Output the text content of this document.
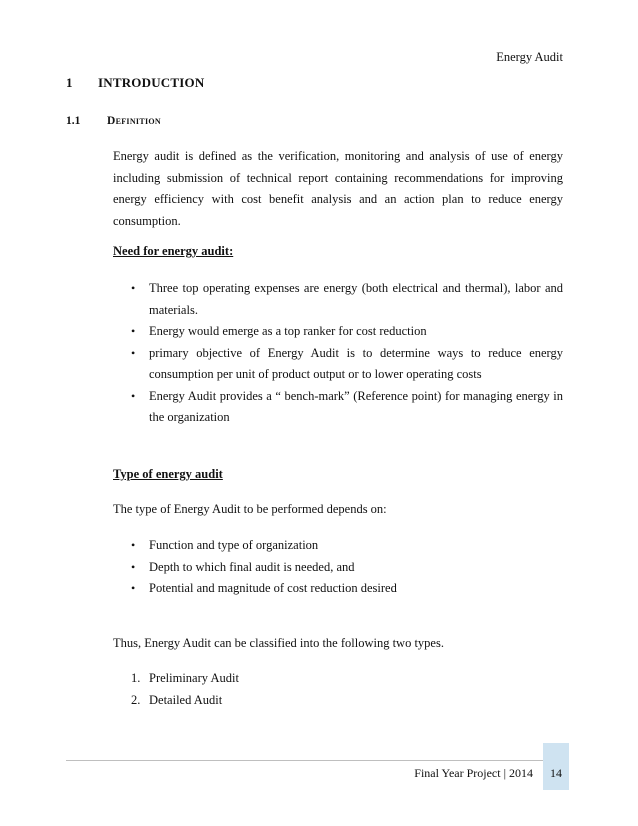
Energy Audit
1 INTRODUCTION
1.1 Definition
Energy audit is defined as the verification, monitoring and analysis of use of energy including submission of technical report containing recommendations for improving energy efficiency with cost benefit analysis and an action plan to reduce energy consumption.
Need for energy audit:
• Three top operating expenses are energy (both electrical and thermal), labor and materials.
• Energy would emerge as a top ranker for cost reduction
• primary objective of Energy Audit is to determine ways to reduce energy consumption per unit of product output or to lower operating costs
• Energy Audit provides a “ bench-mark” (Reference point) for managing energy in the organization
Type of energy audit
The type of Energy Audit to be performed depends on:
• Function and type of organization
• Depth to which final audit is needed, and
• Potential and magnitude of cost reduction desired
Thus, Energy Audit can be classified into the following two types.
1. Preliminary Audit
2. Detailed Audit
Final Year Project | 2014	14
